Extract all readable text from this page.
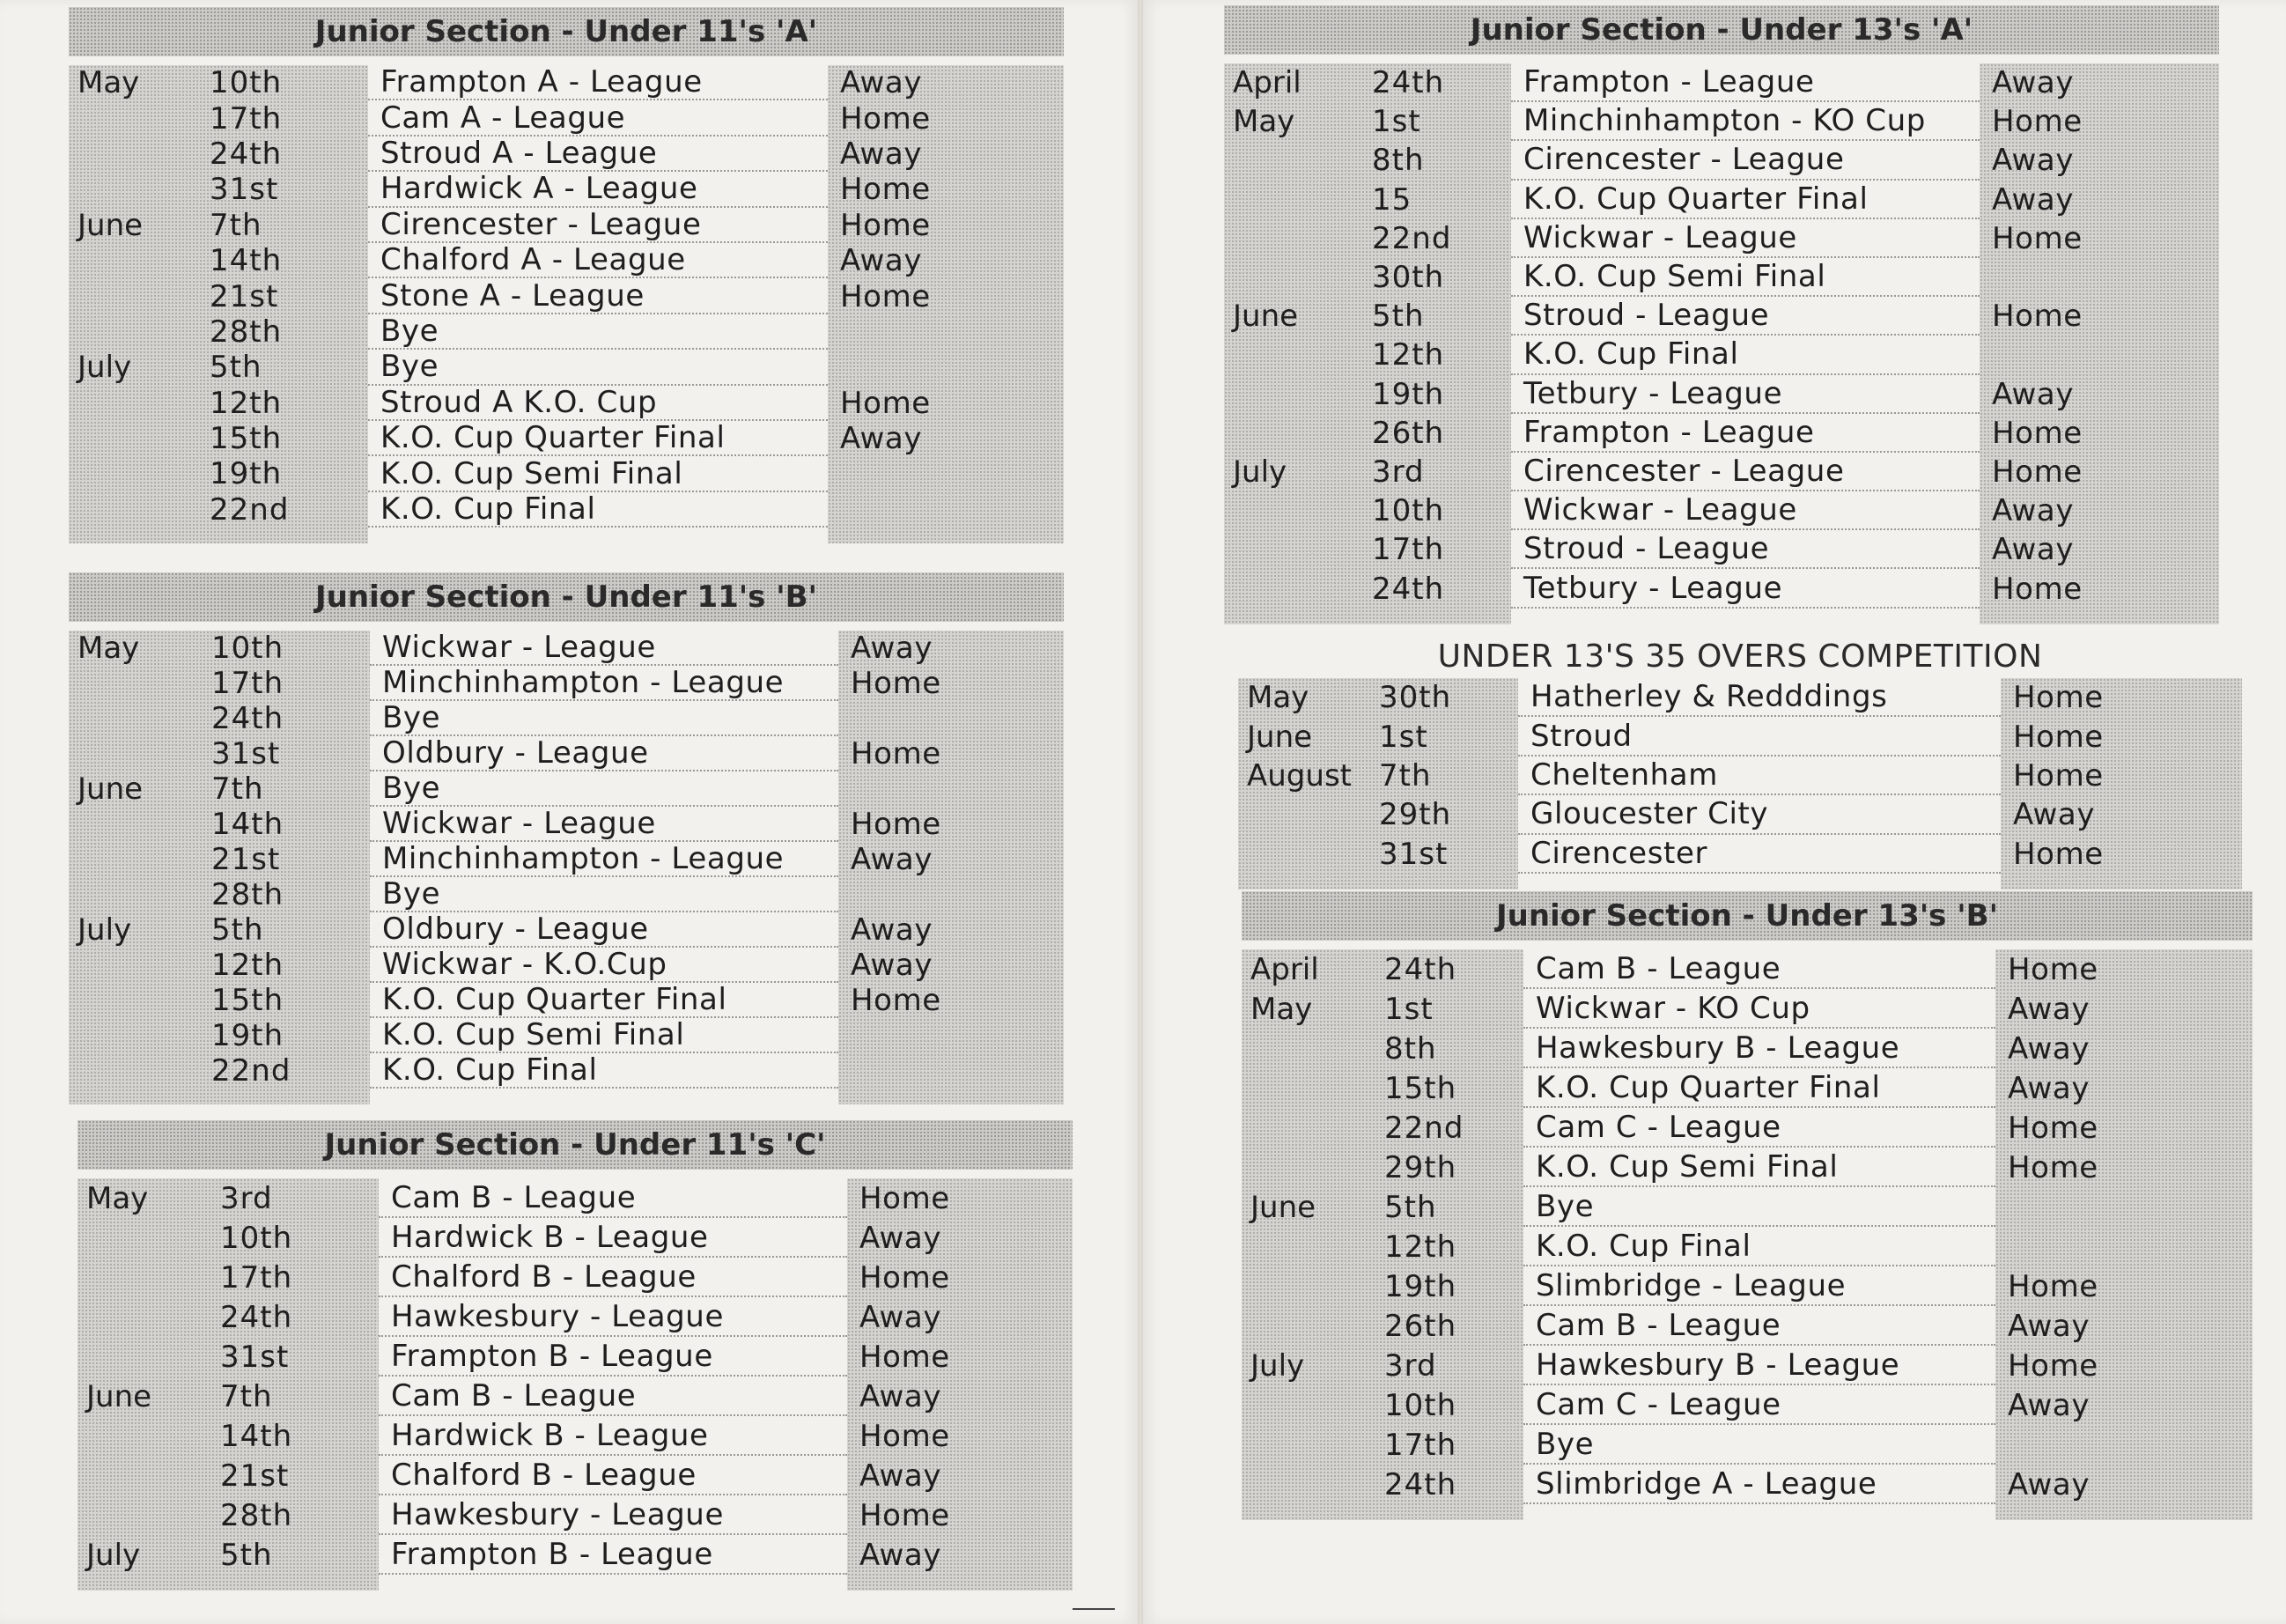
Junior Section - Under 11's 'A'
May	10th	Frampton A - League	Away
17th	Cam A - League	Home
24th	Stroud A - League	Away
31st	Hardwick A - League	Home
June	7th	Cirencester - League	Home
14th	Chalford A - League	Away
21st	Stone A - League	Home
28th	Bye
July	5th	Bye
12th	Stroud A K.O. Cup	Home
15th	K.O. Cup Quarter Final	Away
19th	K.O. Cup Semi Final
22nd	K.O. Cup Final
Junior Section - Under 11's 'B'
May	10th	Wickwar - League	Away
17th	Minchinhampton - League	Home
24th	Bye
31st	Oldbury - League	Home
June	7th	Bye
14th	Wickwar - League	Home
21st	Minchinhampton - League	Away
28th	Bye
July	5th	Oldbury - League	Away
12th	Wickwar - K.O.Cup	Away
15th	K.O. Cup Quarter Final	Home
19th	K.O. Cup Semi Final
22nd	K.O. Cup Final
Junior Section - Under 11's 'C'
May	3rd	Cam B - League	Home
10th	Hardwick B - League	Away
17th	Chalford B - League	Home
24th	Hawkesbury - League	Away
31st	Frampton B - League	Home
June	7th	Cam B - League	Away
14th	Hardwick B - League	Home
21st	Chalford B - League	Away
28th	Hawkesbury - League	Home
July	5th	Frampton B - League	Away
Junior Section - Under 13's 'A'
April	24th	Frampton - League	Away
May	1st	Minchinhampton - KO Cup	Home
8th	Cirencester - League	Away
15	K.O. Cup Quarter Final	Away
22nd	Wickwar - League	Home
30th	K.O. Cup Semi Final
June	5th	Stroud - League	Home
12th	K.O. Cup Final
19th	Tetbury - League	Away
26th	Frampton - League	Home
July	3rd	Cirencester - League	Home
10th	Wickwar - League	Away
17th	Stroud - League	Away
24th	Tetbury - League	Home
UNDER 13'S 35 OVERS COMPETITION
May	30th	Hatherley & Redddings	Home
June	1st	Stroud	Home
August 7th	Cheltenham	Home
29th	Gloucester City	Away
31st	Cirencester	Home
Junior Section - Under 13's 'B'
April	24th	Cam B - League	Home
May	1st	Wickwar - KO Cup	Away
8th	Hawkesbury B - League	Away
15th	K.O. Cup Quarter Final	Away
22nd	Cam C - League	Home
29th	K.O. Cup Semi Final	Home
June	5th	Bye
12th	K.O. Cup Final
19th	Slimbridge - League	Home
26th	Cam B - League	Away
July	3rd	Hawkesbury B - League	Home
10th	Cam C - League	Away
17th	Bye
24th	Slimbridge A - League	Away
